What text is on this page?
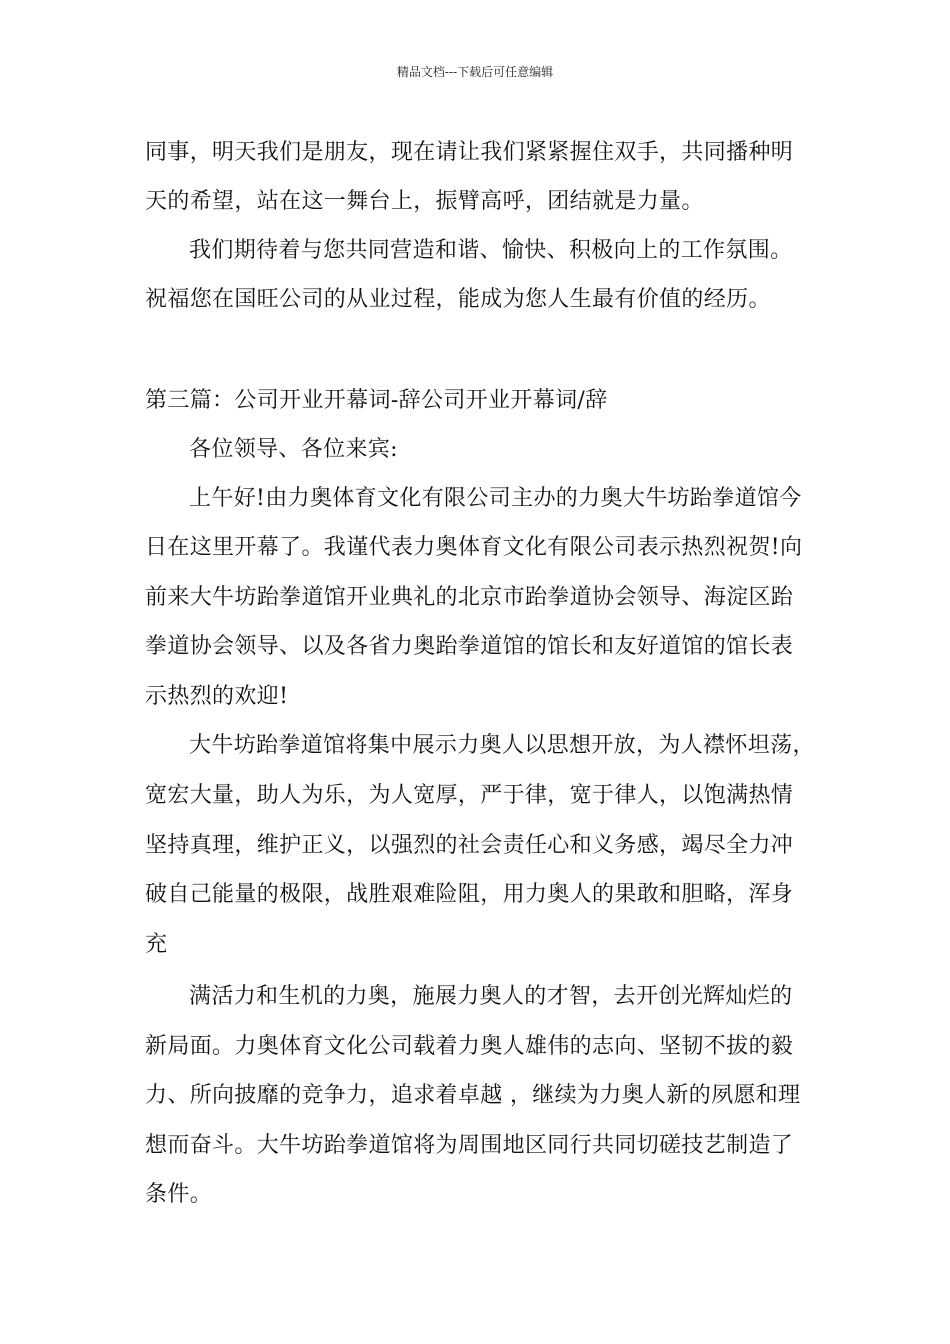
精品文档---下载后可任意编辑
同事，明天我们是朋友，现在请让我们紧紧握住双手，共同播种明
天的希望，站在这一舞台上，振臂高呼，团结就是力量。
我们期待着与您共同营造和谐、愉快、积极向上的工作氛围。
祝福您在国旺公司的从业过程，能成为您人生最有价值的经历。
第三篇：公司开业开幕词-辞公司开业开幕词/辞
各位领导、各位来宾:
上午好!由力奥体育文化有限公司主办的力奥大牛坊跆拳道馆今
日在这里开幕了。我谨代表力奥体育文化有限公司表示热烈祝贺!向
前来大牛坊跆拳道馆开业典礼的北京市跆拳道协会领导、海淀区跆
拳道协会领导、以及各省力奥跆拳道馆的馆长和友好道馆的馆长表
示热烈的欢迎!
大牛坊跆拳道馆将集中展示力奥人以思想开放，为人襟怀坦荡，
宽宏大量，助人为乐，为人宽厚，严于律，宽于律人，以饱满热情
坚持真理，维护正义，以强烈的社会责任心和义务感，竭尽全力冲
破自己能量的极限，战胜艰难险阻，用力奥人的果敢和胆略，浑身
充
满活力和生机的力奥，施展力奥人的才智，去开创光辉灿烂的
新局面。力奥体育文化公司载着力奥人雄伟的志向、坚韧不拔的毅
力、所向披靡的竞争力，追求着卓越 ，继续为力奥人新的夙愿和理
想而奋斗。大牛坊跆拳道馆将为周围地区同行共同切磋技艺制造了
条件。
